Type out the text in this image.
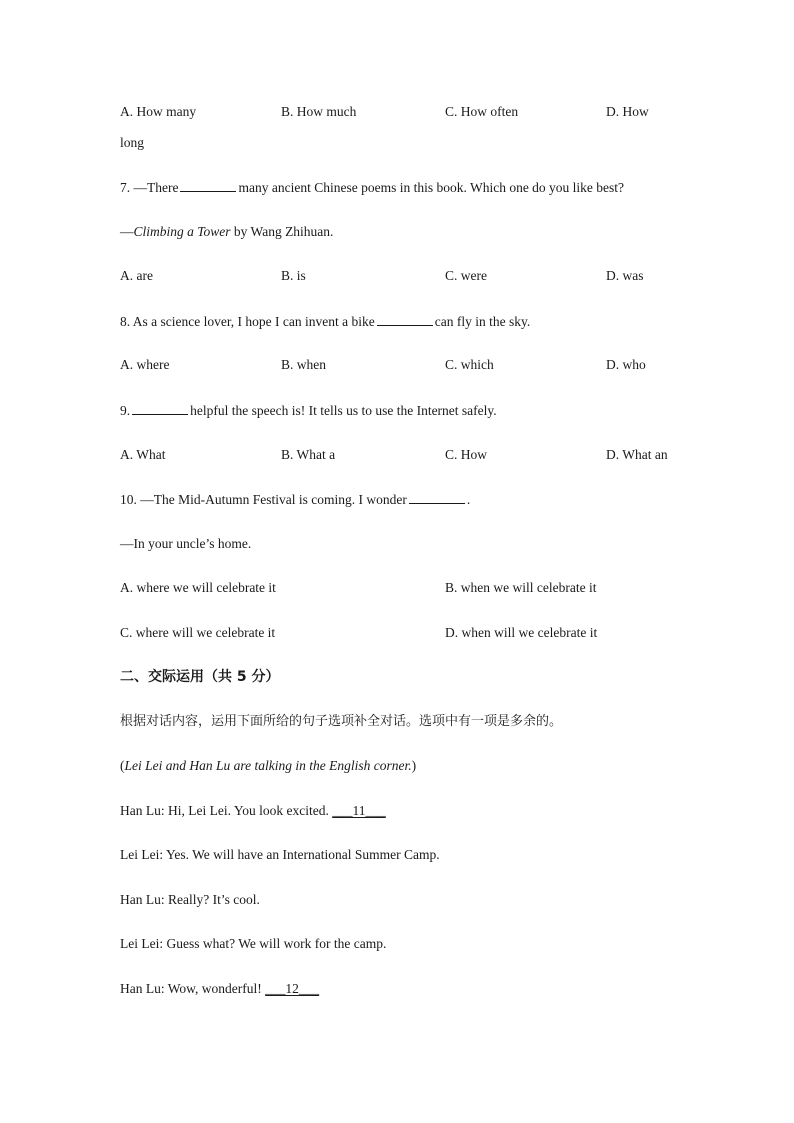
A. How many	B. How much	C. How often	D. How
long
7. —There	many ancient Chinese poems in this book. Which one do you like best?
—Climbing a Tower by Wang Zhihuan.
A. are	B. is	C. were	D. was
8. As a science lover, I hope I can invent a bike	can fly in the sky.
A. where	B. when	C. which	D. who
9.	helpful the speech is! It tells us to use the Internet safely.
A. What	B. What a	C. How	D. What an
10. —The Mid-Autumn Festival is coming. I wonder	.
—In your uncle’s home.
A. where we will celebrate it	B. when we will celebrate it
C. where will we celebrate it	D. when will we celebrate it
二、交际运用（共 5 分）
根据对话内容，运用下面所给的句子选项补全对话。选项中有一项是多余的。
(Lei Lei and Han Lu are talking in the English corner.)
Han Lu: Hi, Lei Lei. You look excited. ___11___
Lei Lei: Yes. We will have an International Summer Camp.
Han Lu: Really? It’s cool.
Lei Lei: Guess what? We will work for the camp.
Han Lu: Wow, wonderful! ___12___
